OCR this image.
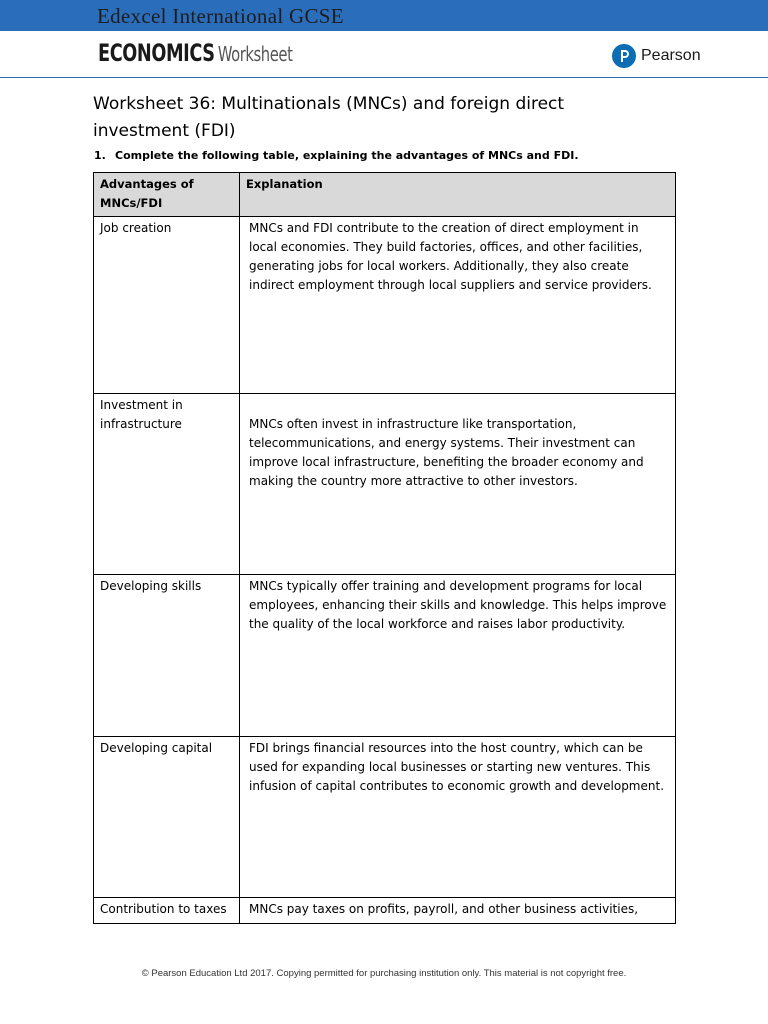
Edexcel International GCSE
ECONOMICS Worksheet	Pearson
Worksheet 36: Multinationals (MNCs) and foreign direct investment (FDI)
1. Complete the following table, explaining the advantages of MNCs and FDI.
Advantages of MNCs/FDI	Explanation
Job creation	MNCs and FDI contribute to the creation of direct employment in local economies. They build factories, offices, and other facilities, generating jobs for local workers. Additionally, they also create indirect employment through local suppliers and service providers.
Investment in infrastructure	MNCs often invest in infrastructure like transportation, telecommunications, and energy systems. Their investment can improve local infrastructure, benefiting the broader economy and making the country more attractive to other investors.
Developing skills	MNCs typically offer training and development programs for local employees, enhancing their skills and knowledge. This helps improve the quality of the local workforce and raises labor productivity.
Developing capital	FDI brings financial resources into the host country, which can be used for expanding local businesses or starting new ventures. This infusion of capital contributes to economic growth and development.
Contribution to taxes	MNCs pay taxes on profits, payroll, and other business activities,
© Pearson Education Ltd 2017. Copying permitted for purchasing institution only. This material is not copyright free.
